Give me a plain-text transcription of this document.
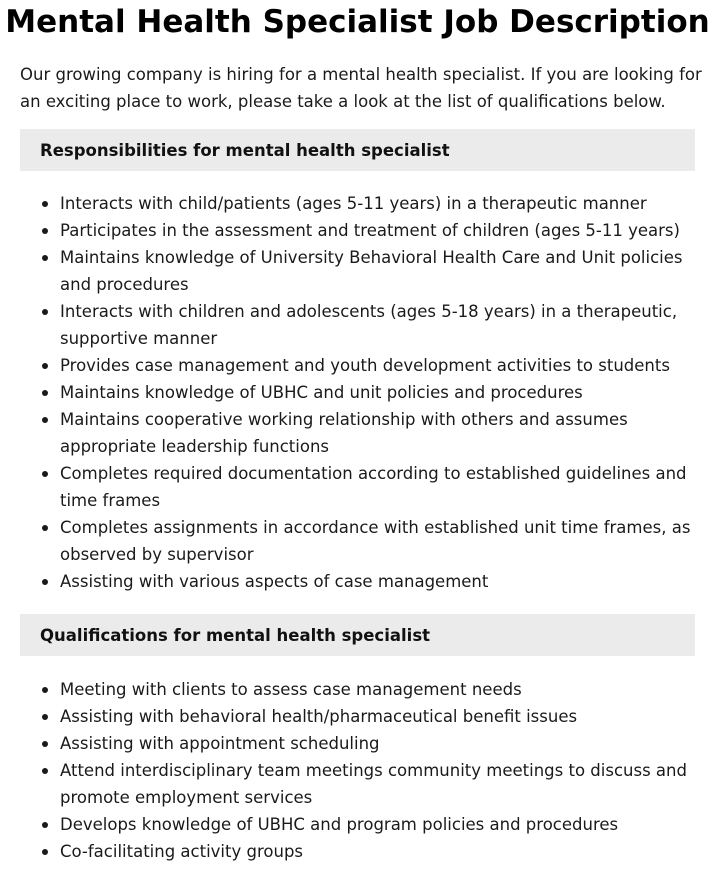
Mental Health Specialist Job Description

Our growing company is hiring for a mental health specialist. If you are looking for an exciting place to work, please take a look at the list of qualifications below.

Responsibilities for mental health specialist
Interacts with child/patients (ages 5-11 years) in a therapeutic manner
Participates in the assessment and treatment of children (ages 5-11 years)
Maintains knowledge of University Behavioral Health Care and Unit policies and procedures
Interacts with children and adolescents (ages 5-18 years) in a therapeutic, supportive manner
Provides case management and youth development activities to students
Maintains knowledge of UBHC and unit policies and procedures
Maintains cooperative working relationship with others and assumes appropriate leadership functions
Completes required documentation according to established guidelines and time frames
Completes assignments in accordance with established unit time frames, as observed by supervisor
Assisting with various aspects of case management
Qualifications for mental health specialist
Meeting with clients to assess case management needs
Assisting with behavioral health/pharmaceutical benefit issues
Assisting with appointment scheduling
Attend interdisciplinary team meetings community meetings to discuss and promote employment services
Develops knowledge of UBHC and program policies and procedures
Co-facilitating activity groups
